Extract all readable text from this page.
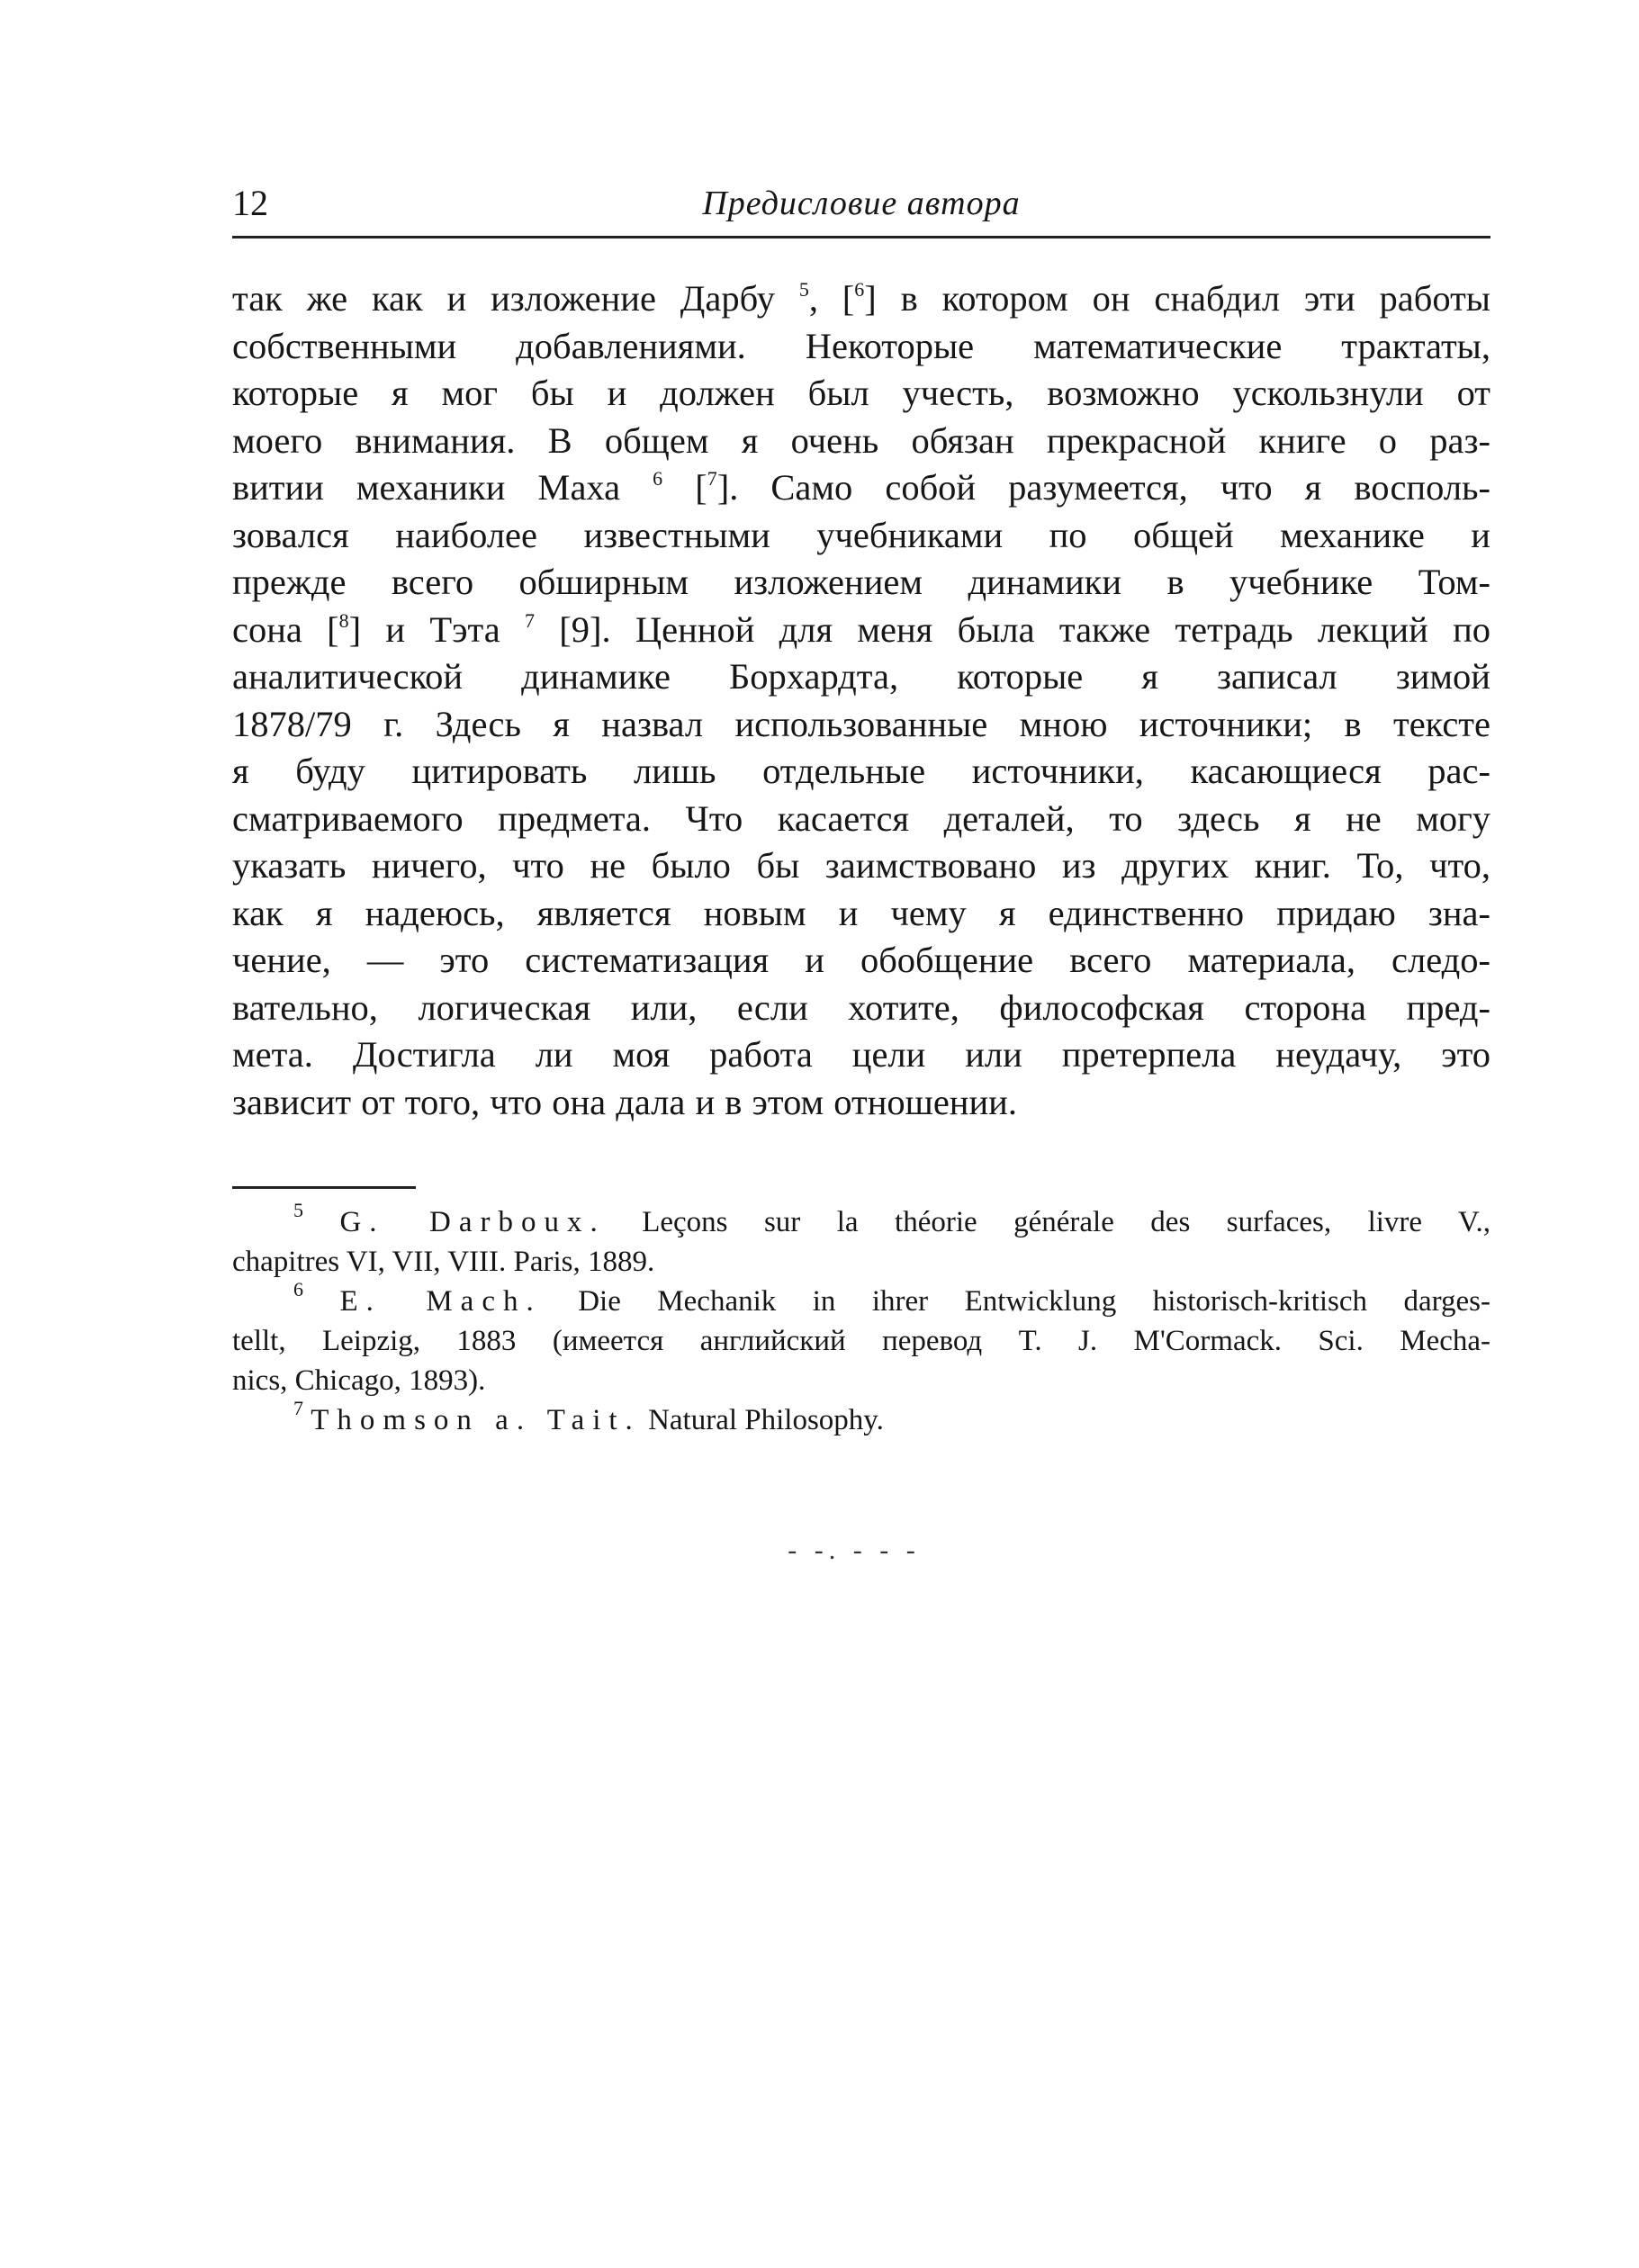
12	Предисловие автора
так же как и изложение Дарбу $^5$, [$^6$] в котором он снабдил эти работы
собственными добавлениями. Некоторые математические трактаты,
которые я мог бы и должен был учесть, возможно ускользнули от
моего внимания. В общем я очень обязан прекрасной книге о раз-
витии механики Маха $^6$ [$^7$]. Само собой разумеется, что я восполь-
зовался наиболее известными учебниками по общей механике и
прежде всего обширным изложением динамики в учебнике Том-
сона [$^8$] и Тэта $^7$ [9]. Ценной для меня была также тетрадь лекций по
аналитической динамике Борхардта, которые я записал зимой
1878/79 г. Здесь я назвал использованные мною источники; в тексте
я буду цитировать лишь отдельные источники, касающиеся рас-
сматриваемого предмета. Что касается деталей, то здесь я не могу
указать ничего, что не было бы заимствовано из других книг. То, что,
как я надеюсь, является новым и чему я единственно придаю зна-
чение, — это систематизация и обобщение всего материала, следо-
вательно, логическая или, если хотите, философская сторона пред-
мета. Достигла ли моя работа цели или претерпела неудачу, это
зависит от того, что она дала и в этом отношении.
$^5$ G. Darboux. Leçons sur la théorie générale des surfaces, livre V.,
chapitres VI, VII, VIII. Paris, 1889.
$^6$ E. Mach. Die Mechanik in ihrer Entwicklung historisch-kritisch darges-
tellt, Leipzig, 1883 (имеется английский перевод T. J. M'Cormack. Sci. Mecha-
nics, Chicago, 1893).
$^7$ Thomson a. Tait. Natural Philosophy.
- -. - - -
